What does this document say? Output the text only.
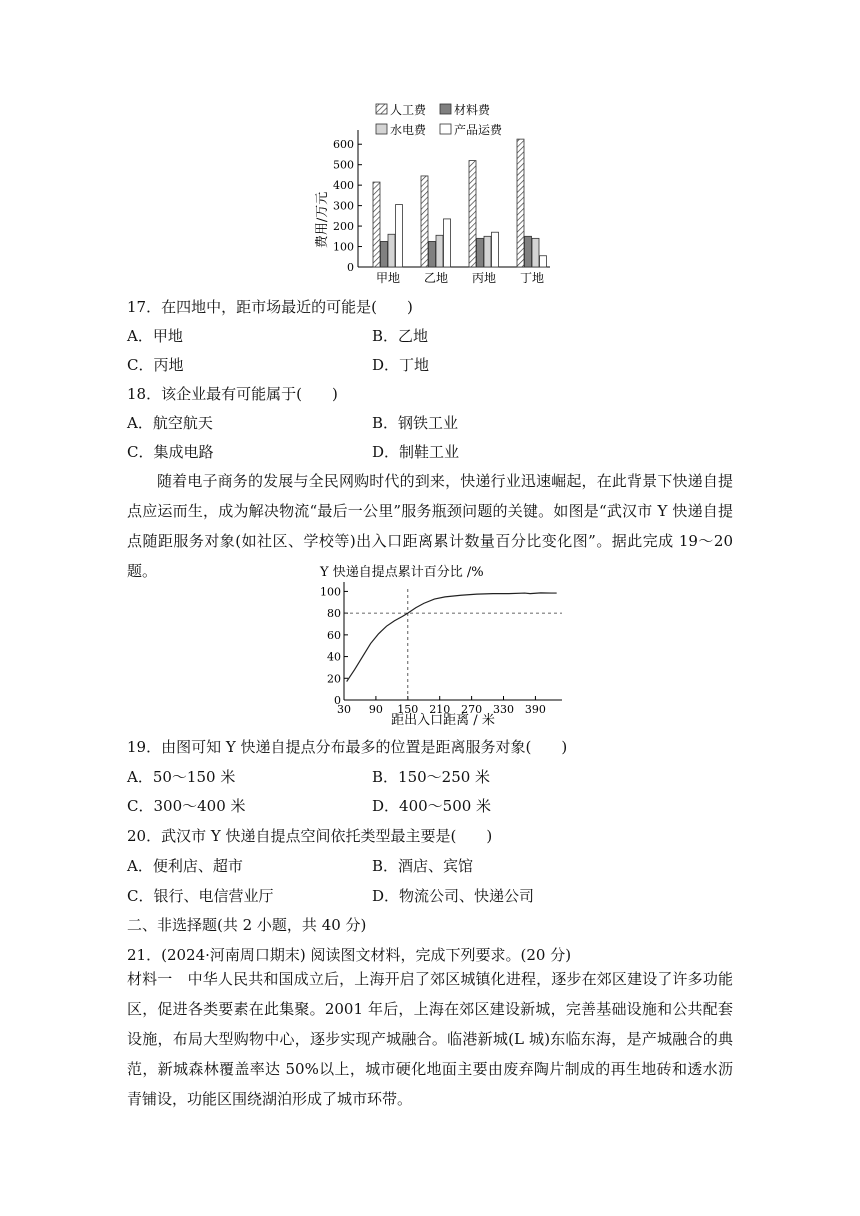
人工费 材料费
水电费 产品运费
0
100
200
300
400
500
600
甲地 乙地 丙地 丁地
费用/万元
17．在四地中，距市场最近的可能是(　　)
A．甲地	B．乙地
C．丙地	D．丁地
18．该企业最有可能属于(　　)
A．航空航天	B．钢铁工业
C．集成电路	D．制鞋工业
随着电子商务的发展与全民网购时代的到来，快递行业迅速崛起，在此背景下快递自提点应运而生，成为解决物流“最后一公里”服务瓶颈问题的关键。如图是“武汉市 Y 快递自提点随距服务对象(如社区、学校等)出入口距离累计数量百分比变化图”。据此完成 19～20 题。	Y 快递自提点累计百分比 /%
0
20
40
60
80
100
30 90 150 210 270 330 390
距出入口距离 / 米
19．由图可知 Y 快递自提点分布最多的位置是距离服务对象(　　)
A．50～150 米	B．150～250 米
C．300～400 米	D．400～500 米
20．武汉市 Y 快递自提点空间依托类型最主要是(　　)
A．便利店、超市	B．酒店、宾馆
C．银行、电信营业厅	D．物流公司、快递公司
二、非选择题(共 2 小题，共 40 分)
21．(2024·河南周口期末) 阅读图文材料，完成下列要求。(20 分)
材料一　中华人民共和国成立后，上海开启了郊区城镇化进程，逐步在郊区建设了许多功能区，促进各类要素在此集聚。2001 年后，上海在郊区建设新城，完善基础设施和公共配套设施，布局大型购物中心，逐步实现产城融合。临港新城(L 城)东临东海，是产城融合的典范，新城森林覆盖率达 50%以上，城市硬化地面主要由废弃陶片制成的再生地砖和透水沥青铺设，功能区围绕湖泊形成了城市环带。
